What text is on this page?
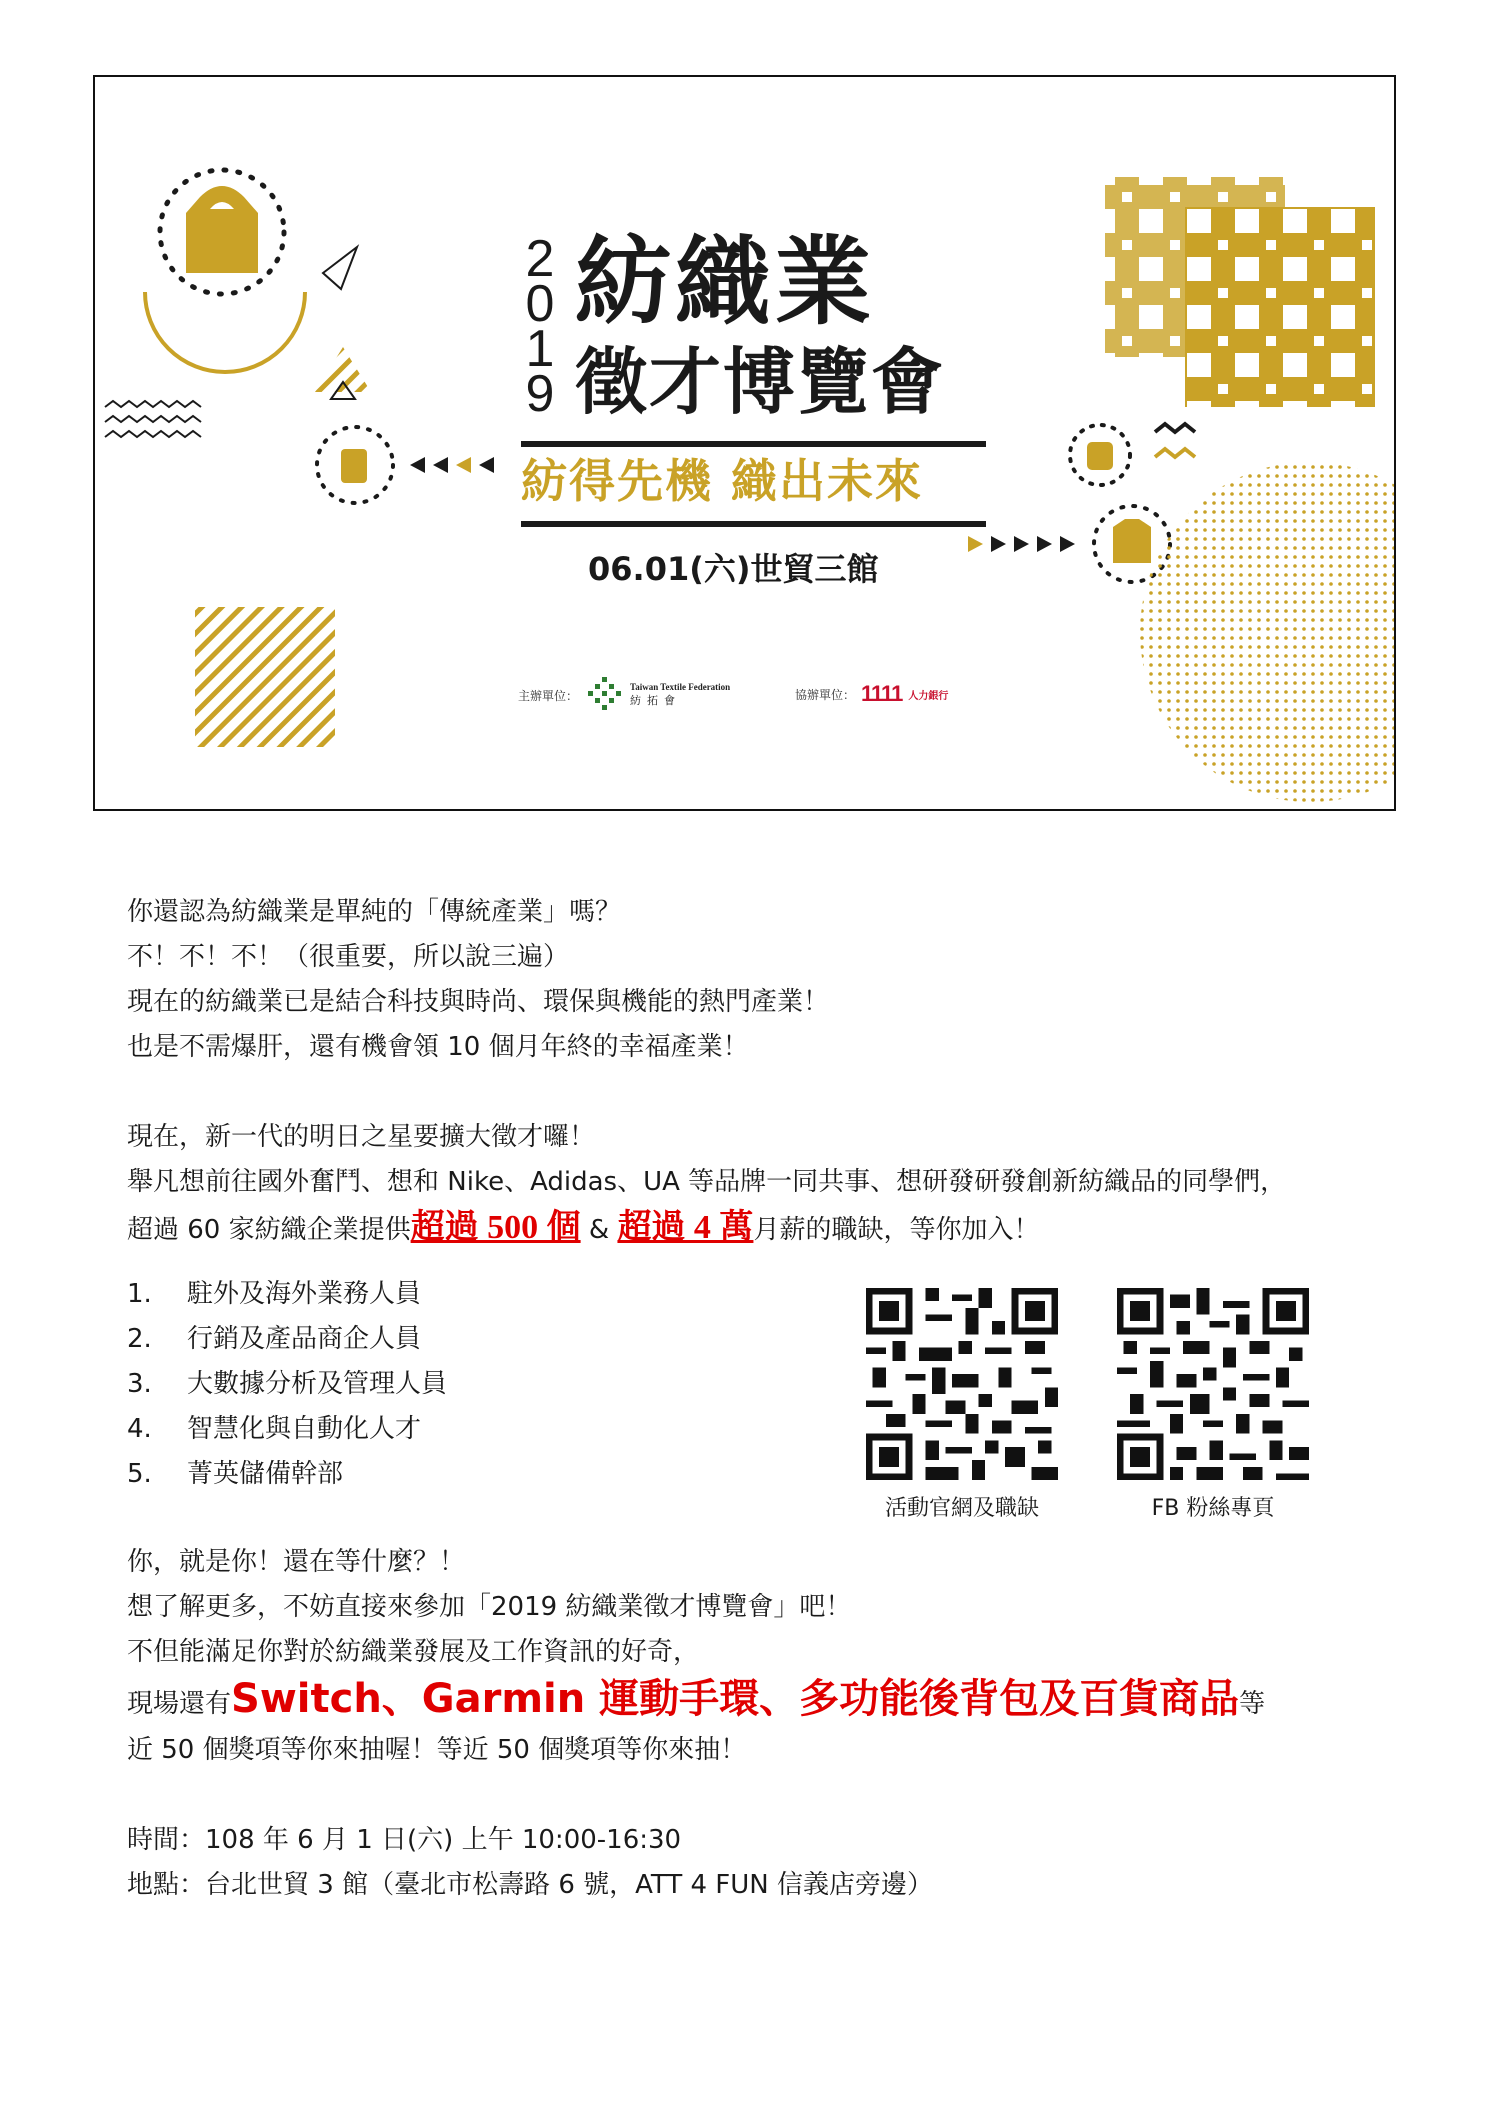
2019
紡織業
徵才博覽會
紡得先機 織出未來
06.01(六)世貿三館
主辦單位：
Taiwan Textile Federation
紡拓會	協辦單位： 1111 人力銀行
你還認為紡織業是單純的「傳統產業」嗎？
不！不！不！（很重要，所以說三遍）
現在的紡織業已是結合科技與時尚、環保與機能的熱門產業！
也是不需爆肝，還有機會領 10 個月年終的幸福產業！
現在，新一代的明日之星要擴大徵才囉！
舉凡想前往國外奮鬥、想和 Nike、Adidas、UA 等品牌一同共事、想研發研發創新紡織品的同學們，
超過 60 家紡織企業提供超過 500 個 & 超過 4 萬月薪的職缺，等你加入！
1.	駐外及海外業務人員
2.	行銷及產品商企人員
3.	大數據分析及管理人員
4.	智慧化與自動化人才
5.	菁英儲備幹部
活動官網及職缺	FB 粉絲專頁
你，就是你！還在等什麼？！
想了解更多，不妨直接來參加「2019 紡織業徵才博覽會」吧！
不但能滿足你對於紡織業發展及工作資訊的好奇，
現場還有Switch、Garmin 運動手環、多功能後背包及百貨商品等
近 50 個獎項等你來抽喔！等近 50 個獎項等你來抽！
時間：108 年 6 月 1 日(六) 上午 10:00-16:30
地點：台北世貿 3 館（臺北市松壽路 6 號，ATT 4 FUN 信義店旁邊）
